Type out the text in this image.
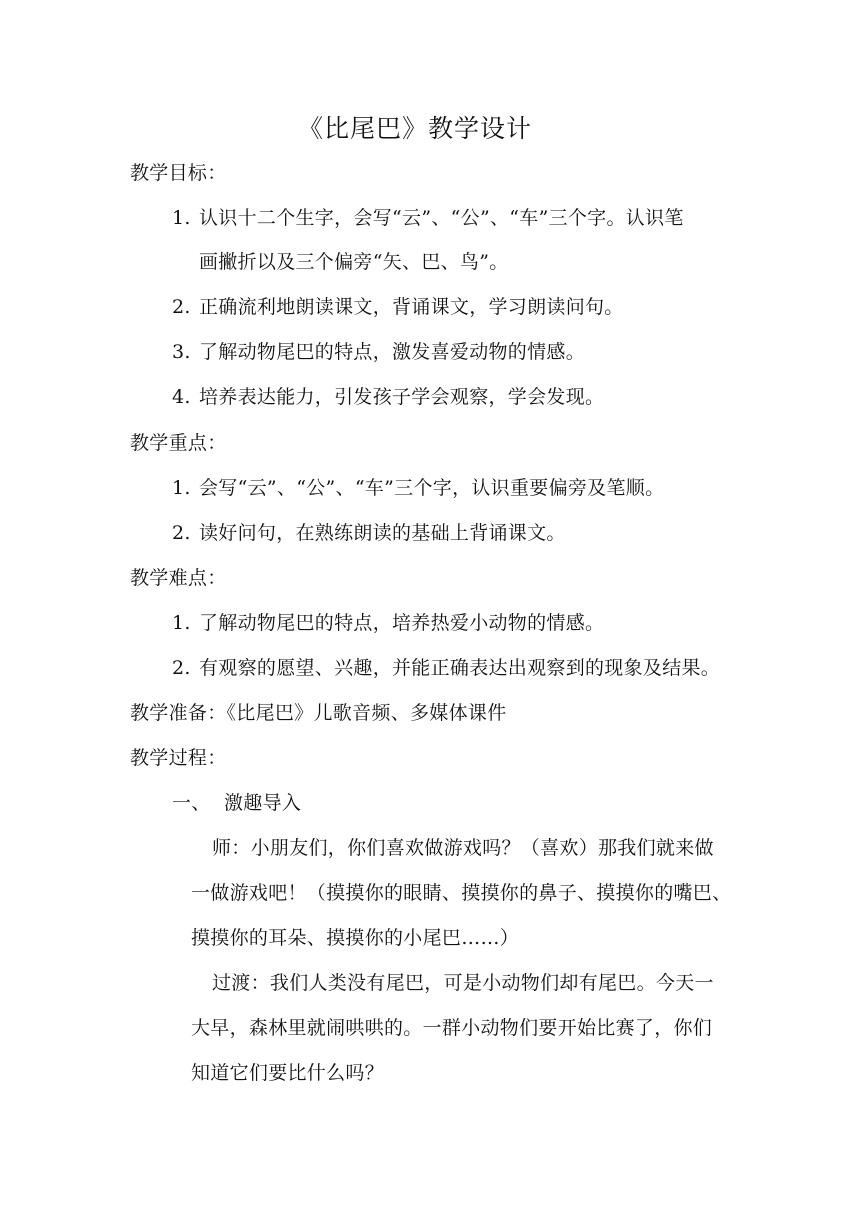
《比尾巴》教学设计
教学目标：
1. 认识十二个生字，会写“云”、“公”、“车”三个字。认识笔
画撇折以及三个偏旁“矢、巴、鸟”。
2. 正确流利地朗读课文，背诵课文，学习朗读问句。
3. 了解动物尾巴的特点，激发喜爱动物的情感。
4. 培养表达能力，引发孩子学会观察，学会发现。
教学重点：
1. 会写“云”、“公”、“车”三个字，认识重要偏旁及笔顺。
2. 读好问句，在熟练朗读的基础上背诵课文。
教学难点：
1. 了解动物尾巴的特点，培养热爱小动物的情感。
2. 有观察的愿望、兴趣，并能正确表达出观察到的现象及结果。
教学准备：《比尾巴》儿歌音频、多媒体课件
教学过程：
一、 激趣导入
师：小朋友们，你们喜欢做游戏吗？（喜欢）那我们就来做
一做游戏吧！（摸摸你的眼睛、摸摸你的鼻子、摸摸你的嘴巴、
摸摸你的耳朵、摸摸你的小尾巴……）
过渡：我们人类没有尾巴，可是小动物们却有尾巴。今天一
大早，森林里就闹哄哄的。一群小动物们要开始比赛了，你们
知道它们要比什么吗？
